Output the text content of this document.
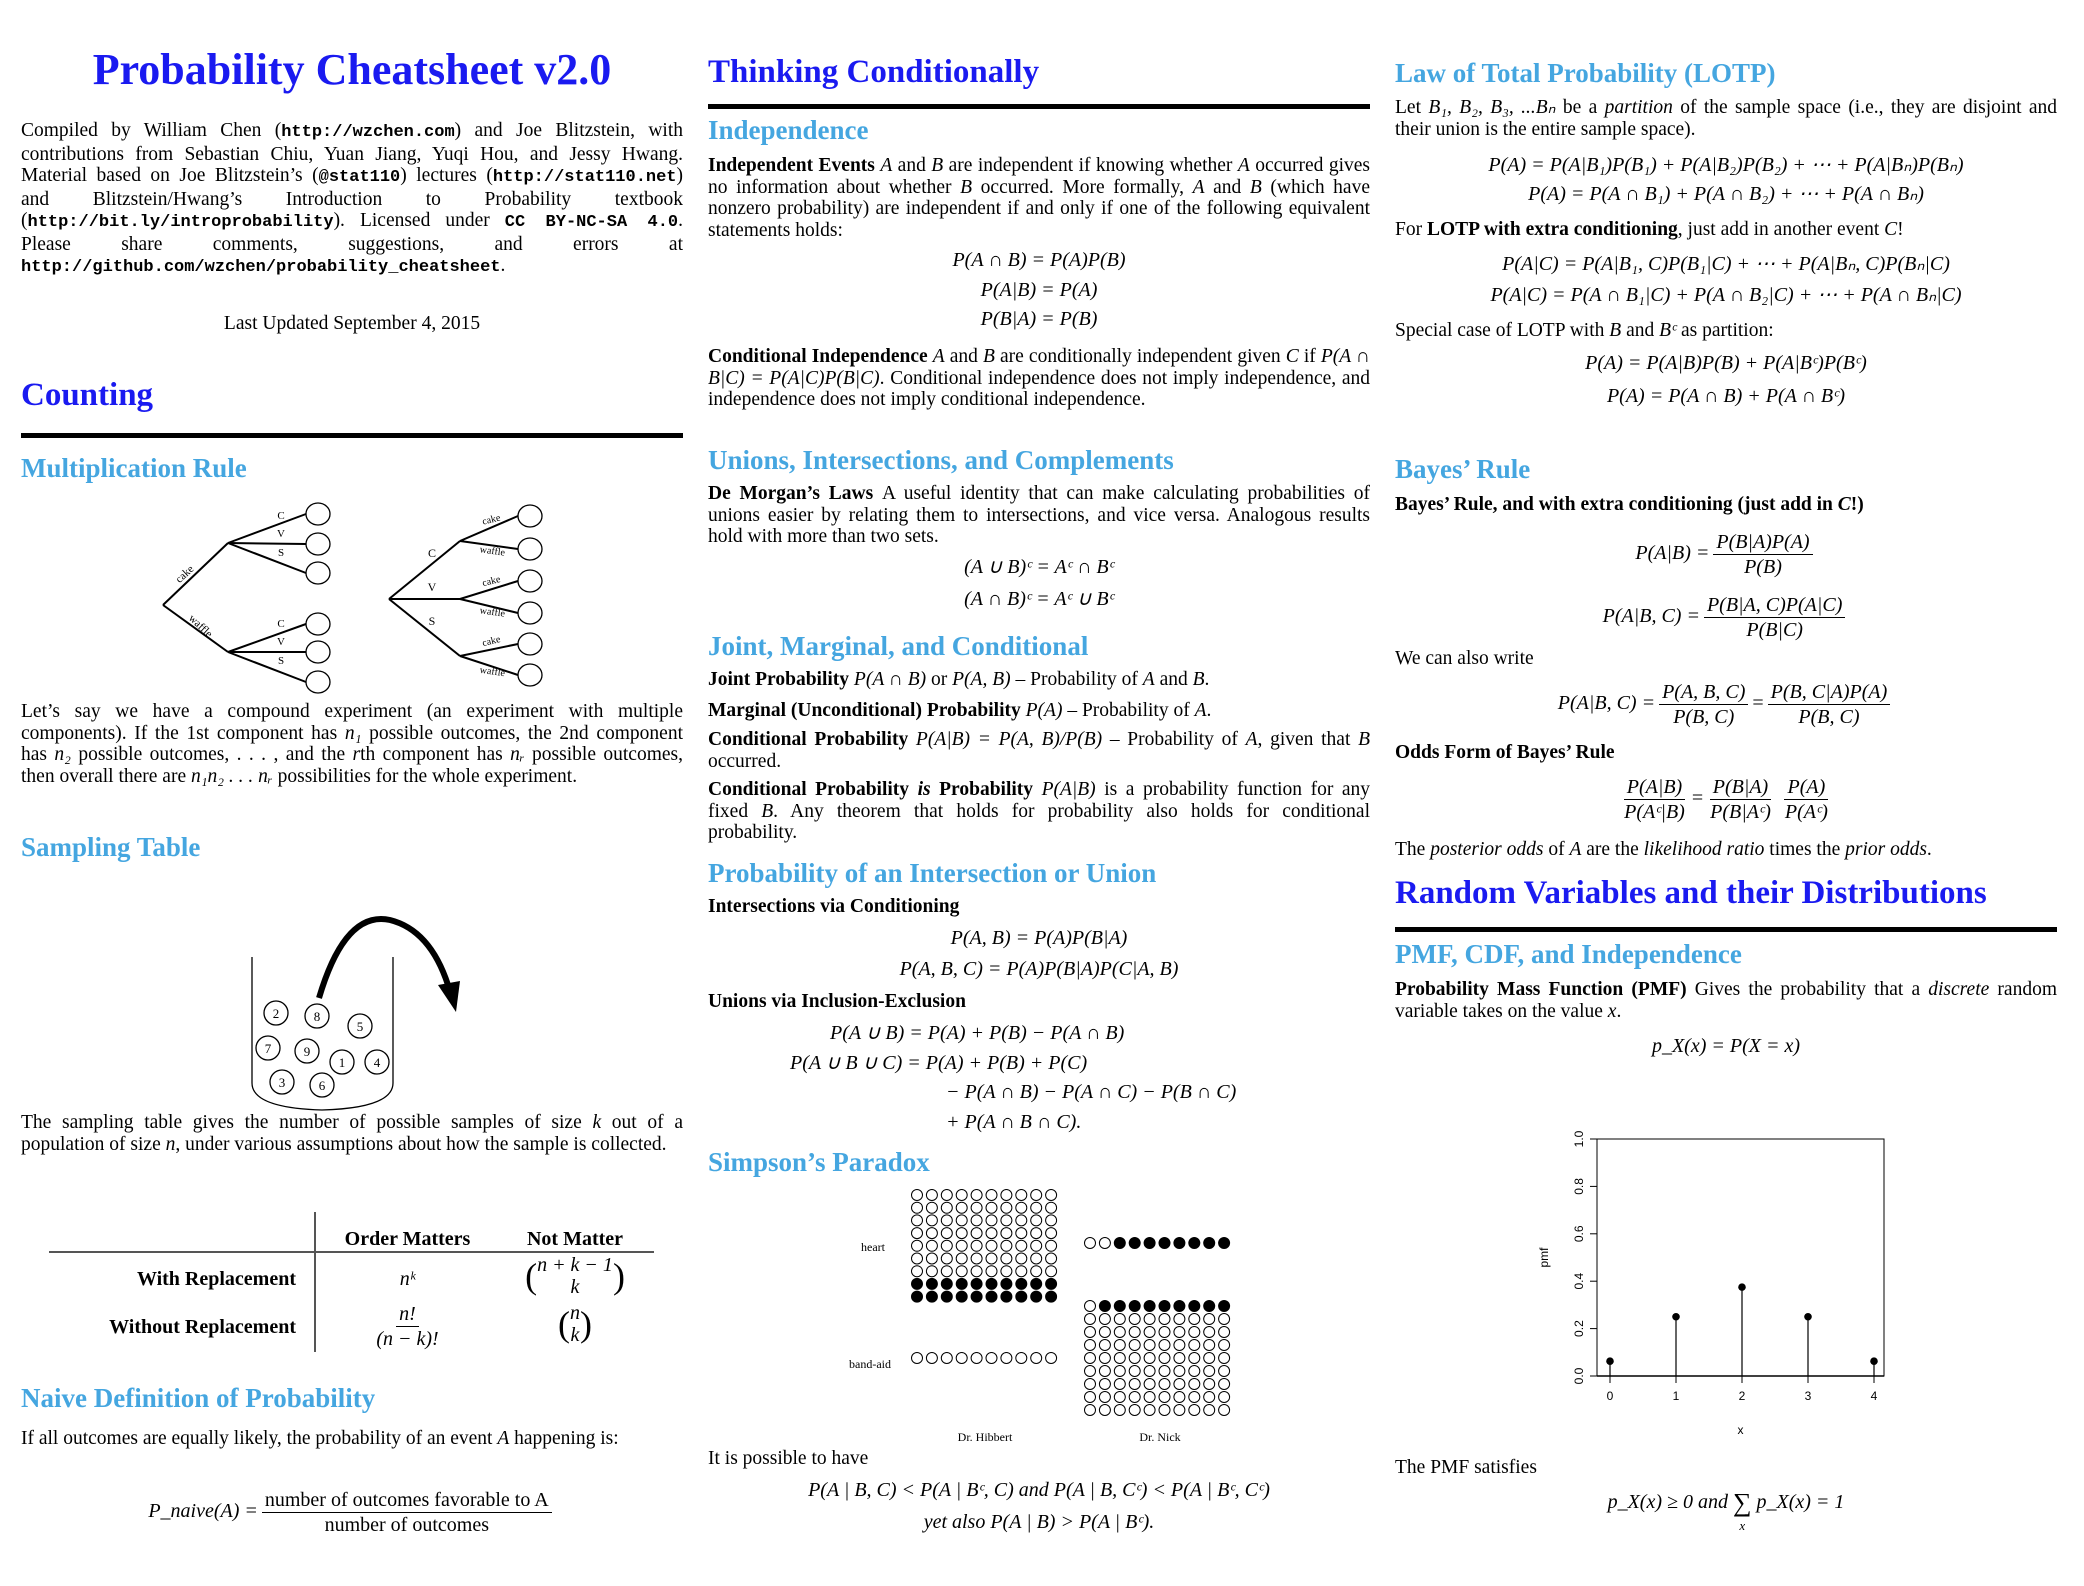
Probability Cheatsheet v2.0
Compiled by William Chen (http://wzchen.com) and Joe Blitzstein, with contributions from Sebastian Chiu, Yuan Jiang, Yuqi Hou, and Jessy Hwang. Material based on Joe Blitzstein’s (@stat110) lectures (http://stat110.net) and Blitzstein/Hwang’s Introduction to Probability textbook (http://bit.ly/introprobability). Licensed under CC BY-NC-SA 4.0. Please share comments, suggestions, and errors at http://github.com/wzchen/probability_cheatsheet.
Last Updated September 4, 2015
Counting
Multiplication Rule
cake
C
V
S
waffle	C
V
S
C
cake
waffle
V	cake
waffle
S
cake
waffle
Let’s say we have a compound experiment (an experiment with multiple components). If the 1st component has n₁ possible outcomes, the 2nd component has n₂ possible outcomes, . . . , and the rth component has nᵣ possible outcomes, then overall there are n₁n₂ . . . nᵣ possibilities for the whole experiment.
Sampling Table
2	8
5
7	9
1 4
3	6
The sampling table gives the number of possible samples of size k out of a population of size n, under various assumptions about how the sample is collected.
Order Matters	Not Matter
With Replacement	nᵏ	(n + k − 1
k )
Without Replacement	$\frac{n!}{(n - k)!}$	(n
k)
Naive Definition of Probability
If all outcomes are equally likely, the probability of an event A happening is:
P_naive(A) = $\frac{\text{number of outcomes favorable to A}}{\text{number of outcomes}}$
Thinking Conditionally
Independence
Independent Events A and B are independent if knowing whether A occurred gives no information about whether B occurred. More formally, A and B (which have nonzero probability) are independent if and only if one of the following equivalent statements holds:
P(A ∩ B) = P(A)P(B)
P(A|B) = P(A)
P(B|A) = P(B)
Conditional Independence A and B are conditionally independent given C if P(A ∩ B|C) = P(A|C)P(B|C). Conditional independence does not imply independence, and independence does not imply conditional independence.
Unions, Intersections, and Complements
De Morgan’s Laws A useful identity that can make calculating probabilities of unions easier by relating them to intersections, and vice versa. Analogous results hold with more than two sets.
(A ∪ B)ᶜ = Aᶜ ∩ Bᶜ
(A ∩ B)ᶜ = Aᶜ ∪ Bᶜ
Joint, Marginal, and Conditional
Joint Probability P(A ∩ B) or P(A, B) – Probability of A and B.
Marginal (Unconditional) Probability P(A) – Probability of A.
Conditional Probability P(A|B) = P(A, B)/P(B) – Probability of A, given that B occurred.
Conditional Probability is Probability P(A|B) is a probability function for any fixed B. Any theorem that holds for probability also holds for conditional probability.
Probability of an Intersection or Union
Intersections via Conditioning
P(A, B) = P(A)P(B|A)
P(A, B, C) = P(A)P(B|A)P(C|A, B)
Unions via Inclusion-Exclusion
P(A ∪ B) = P(A) + P(B) − P(A ∩ B)
P(A ∪ B ∪ C) = P(A) + P(B) + P(C)
− P(A ∩ B) − P(A ∩ C) − P(B ∩ C)
+ P(A ∩ B ∩ C).
Simpson’s Paradox
heart
band-aid
Dr. Hibbert	Dr. Nick
It is possible to have
P(A | B, C) < P(A | Bᶜ, C) and P(A | B, Cᶜ) < P(A | Bᶜ, Cᶜ)
yet also P(A | B) > P(A | Bᶜ).
Law of Total Probability (LOTP)
Let B₁, B₂, B₃, ...Bₙ be a partition of the sample space (i.e., they are disjoint and their union is the entire sample space).
P(A) = P(A|B₁)P(B₁) + P(A|B₂)P(B₂) + ⋯ + P(A|Bₙ)P(Bₙ)
P(A) = P(A ∩ B₁) + P(A ∩ B₂) + ⋯ + P(A ∩ Bₙ)
For LOTP with extra conditioning, just add in another event C!
P(A|C) = P(A|B₁, C)P(B₁|C) + ⋯ + P(A|Bₙ, C)P(Bₙ|C)
P(A|C) = P(A ∩ B₁|C) + P(A ∩ B₂|C) + ⋯ + P(A ∩ Bₙ|C)
Special case of LOTP with B and Bᶜ as partition:
P(A) = P(A|B)P(B) + P(A|Bᶜ)P(Bᶜ)
P(A) = P(A ∩ B) + P(A ∩ Bᶜ)
Bayes’ Rule
Bayes’ Rule, and with extra conditioning (just add in C!)
$P(A|B) = \frac{P(B|A)P(A)}{P(B)}$
P(A|B, $C) = \frac{P(B|A, C)P(A|C)}{P(B|C)}$
We can also write
P(A|B, $C) = \frac{P(A, B, C)}{P(B, C)} = \frac{P(B, C|A)P(A)}{P(B, C)}$
Odds Form of Bayes’ Rule
$\frac{P(A|B)}{\text{P(Aᶜ|B)}} = \frac{P(B|A)}{\text{P(B|Aᶜ)}} \frac{P(A)}{\text{P(Aᶜ)}}$
The posterior odds of A are the likelihood ratio times the prior odds.
Random Variables and their Distributions
PMF, CDF, and Independence
Probability Mass Function (PMF) Gives the probability that a discrete random variable takes on the value x.
p_X(x) = P(X = x)
0.0
0.2
0.4
0.6
0.8
1.0
0	1	2	3	4
x
pmf
The PMF satisfies
p_X(x) ≥ 0 and ∑
x
p_X(x) = 1
